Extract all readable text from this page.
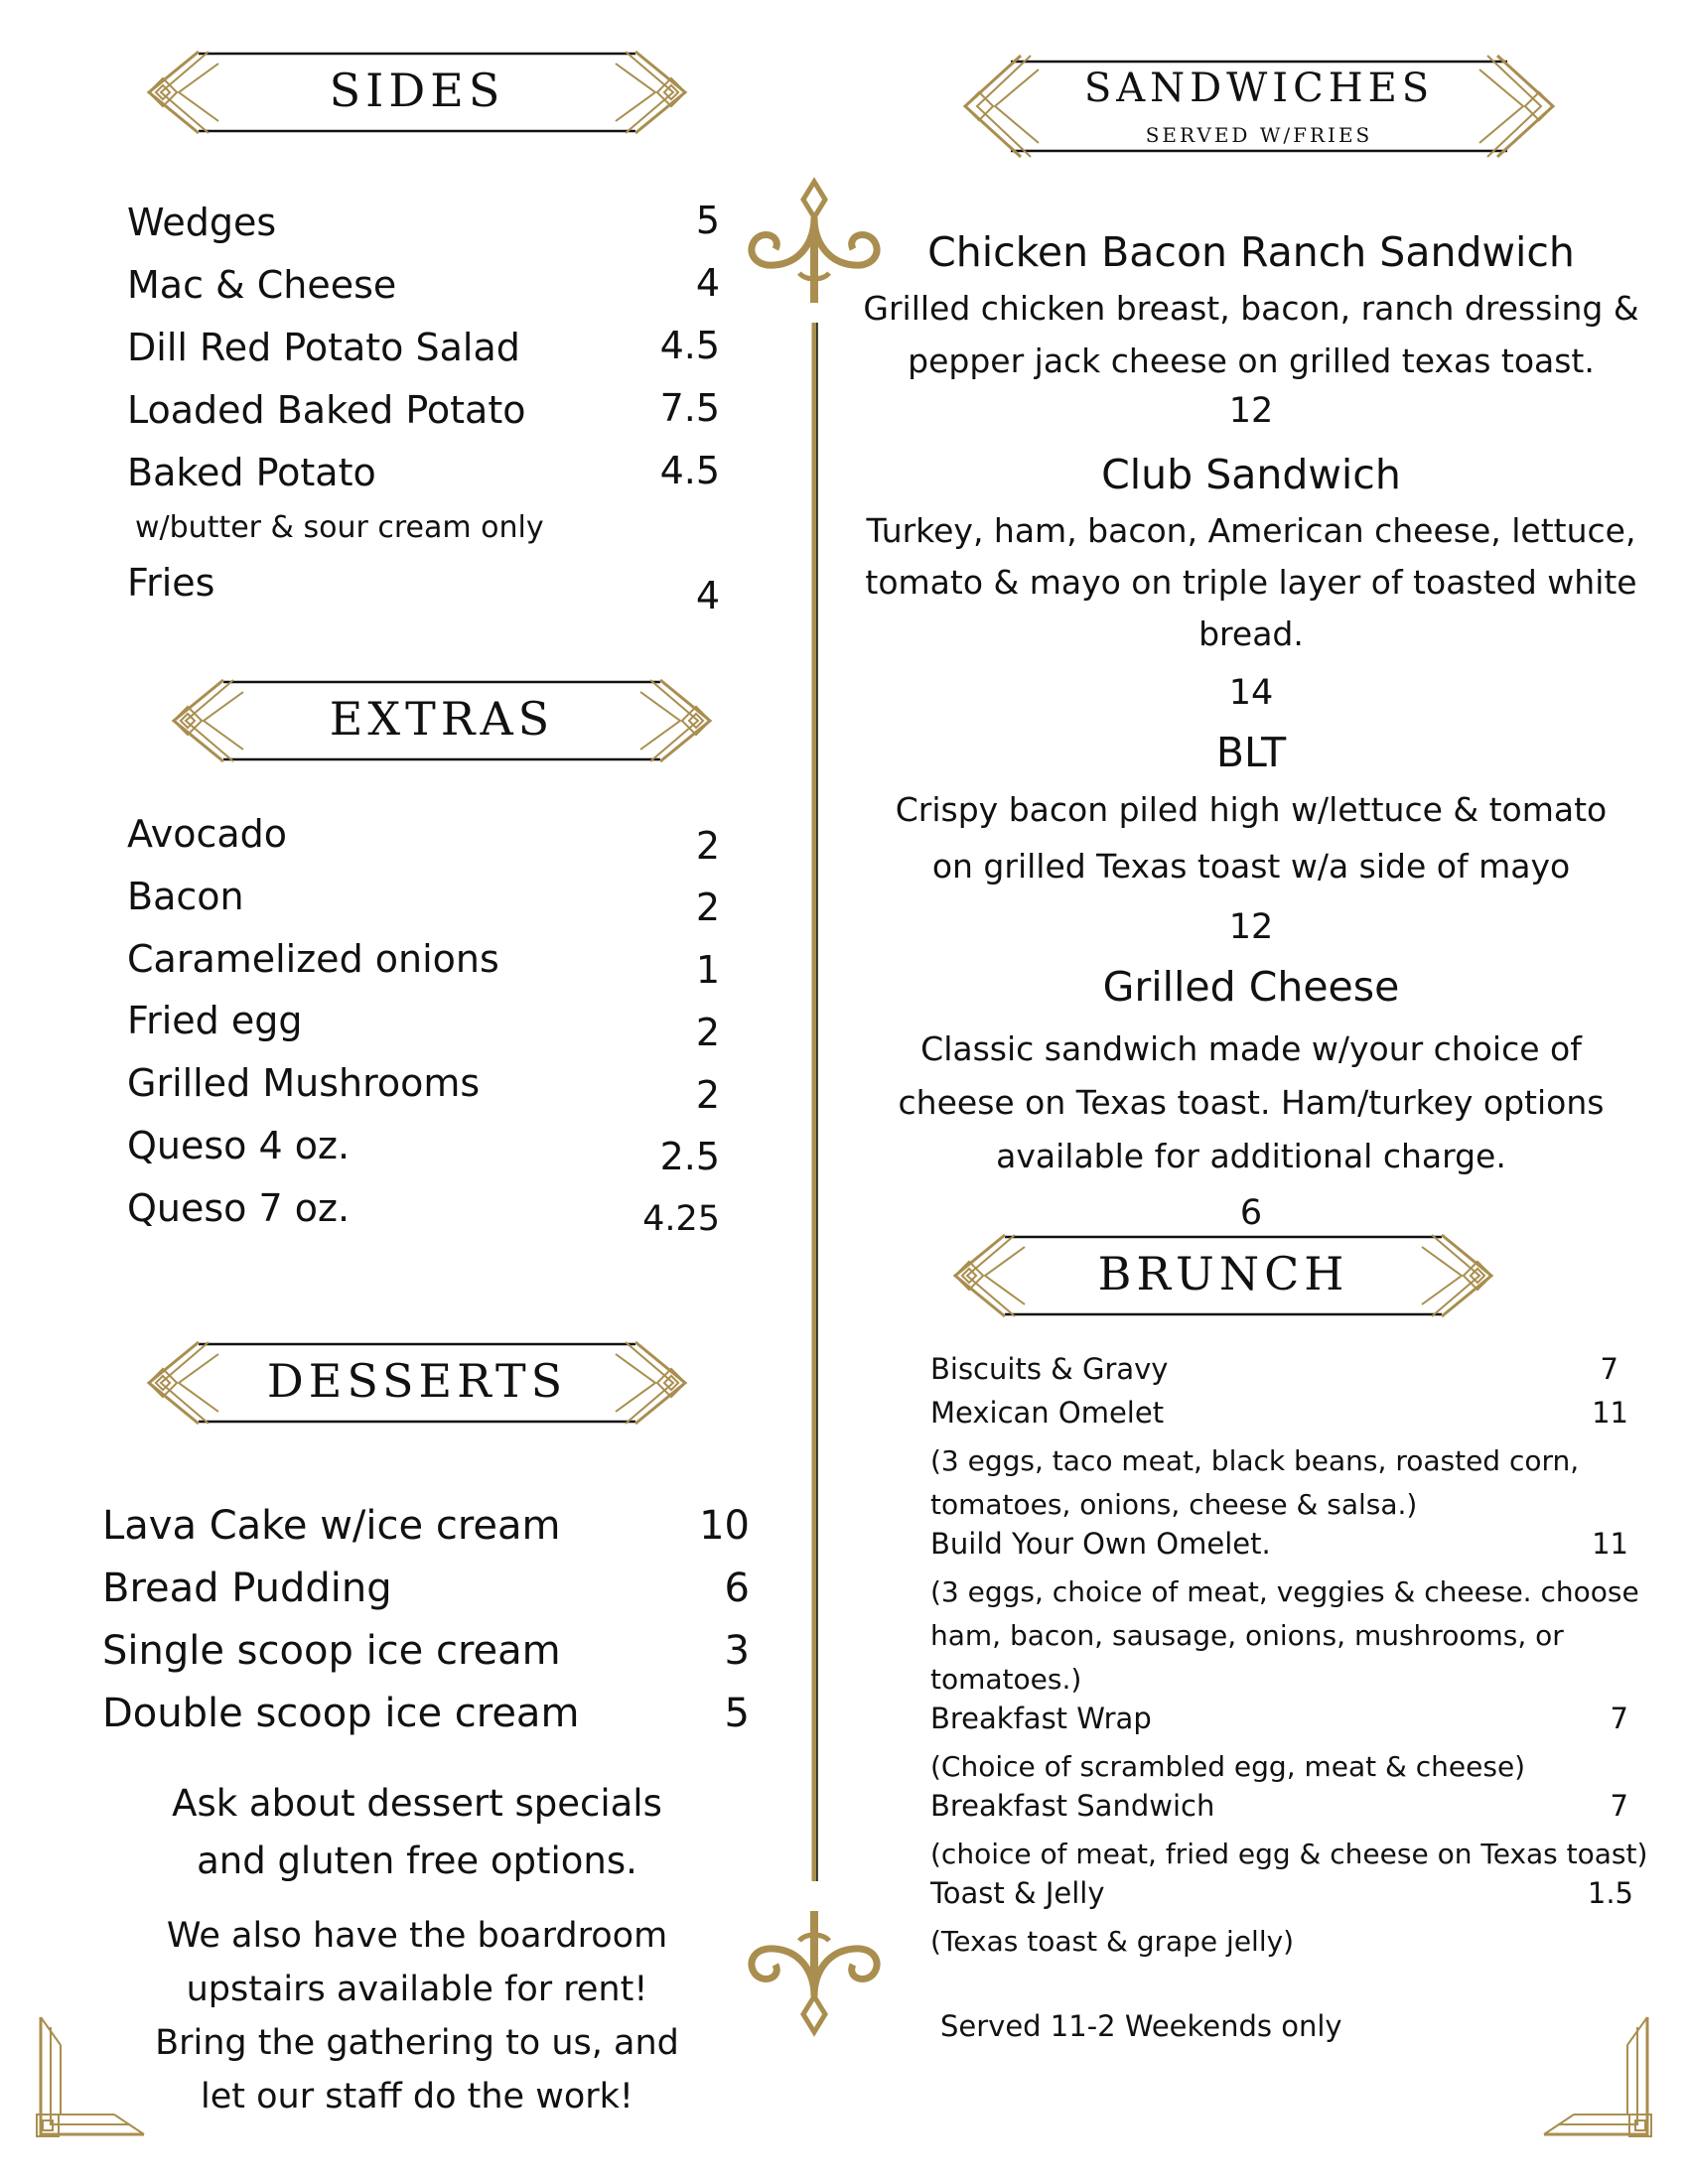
SIDES
Wedges	5
Mac & Cheese	4
Dill Red Potato Salad	4.5
Loaded Baked Potato	7.5
Baked Potato	4.5
w/butter & sour cream only
Fries	4
EXTRAS
Avocado	2
Bacon	2
Caramelized onions	1
Fried egg	2
Grilled Mushrooms	2
Queso 4 oz.	2.5
Queso 7 oz.	4.25
DESSERTS
Lava Cake w/ice cream	10
Bread Pudding	6
Single scoop ice cream	3
Double scoop ice cream	5
Ask about dessert specials
and gluten free options.
We also have the boardroom
upstairs available for rent!
Bring the gathering to us, and
let our staff do the work!
SANDWICHES
SERVED W/FRIES
Chicken Bacon Ranch Sandwich
Grilled chicken breast, bacon, ranch dressing &
pepper jack cheese on grilled texas toast.
12
Club Sandwich
Turkey, ham, bacon, American cheese, lettuce,
tomato & mayo on triple layer of toasted white
bread.
14
BLT
Crispy bacon piled high w/lettuce & tomato
on grilled Texas toast w/a side of mayo
12
Grilled Cheese
Classic sandwich made w/your choice of
cheese on Texas toast. Ham/turkey options
available for additional charge.
6
BRUNCH
Biscuits & Gravy	7
Mexican Omelet	11
(3 eggs, taco meat, black beans, roasted corn,
tomatoes, onions, cheese & salsa.)
Build Your Own Omelet.	11
(3 eggs, choice of meat, veggies & cheese. choose
ham, bacon, sausage, onions, mushrooms, or
tomatoes.)
Breakfast Wrap	7
(Choice of scrambled egg, meat & cheese)
Breakfast Sandwich	7
(choice of meat, fried egg & cheese on Texas toast)
Toast & Jelly	1.5
(Texas toast & grape jelly)
Served 11-2 Weekends only
